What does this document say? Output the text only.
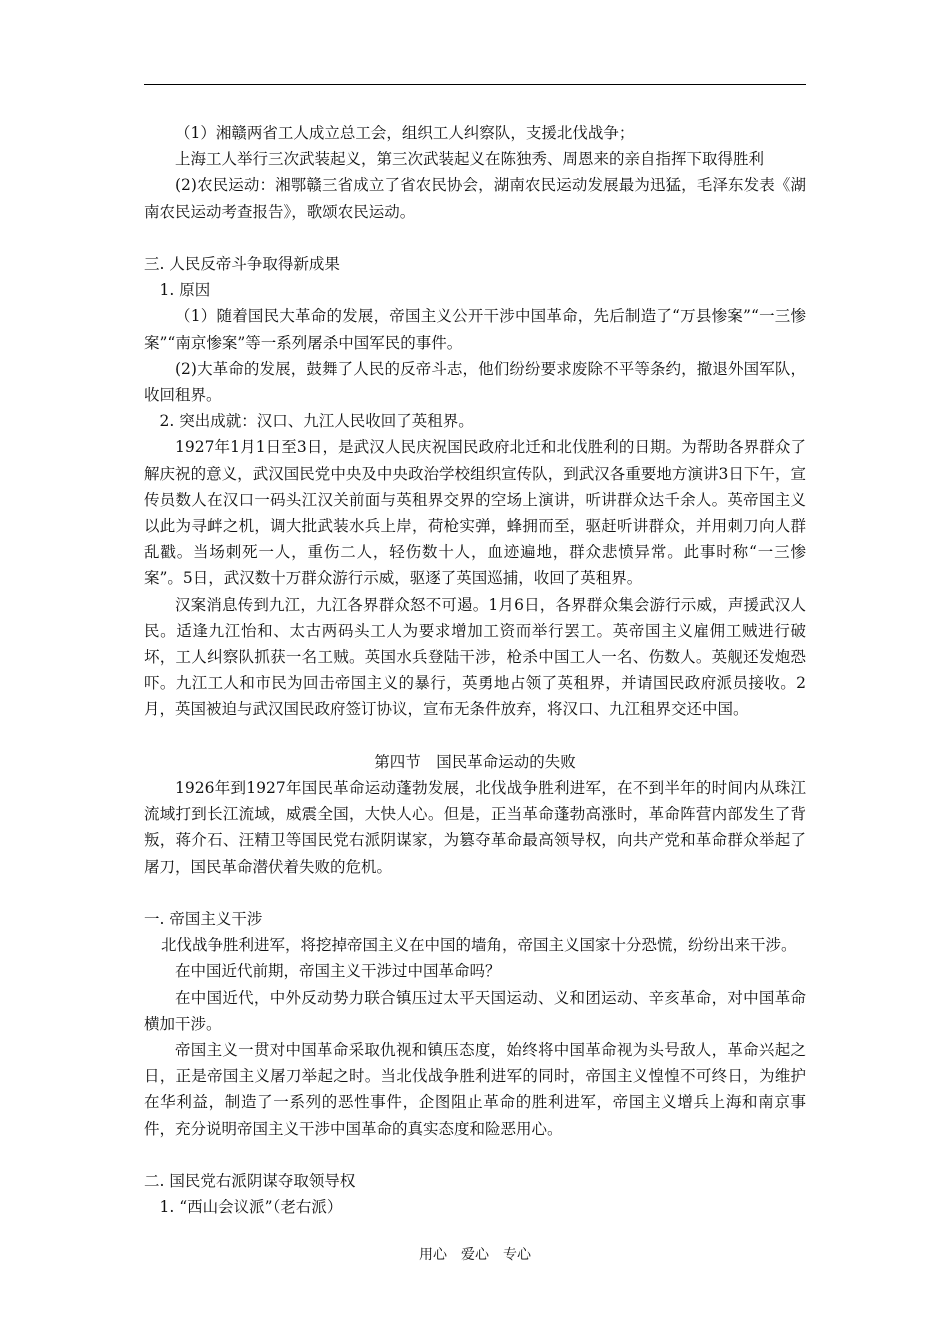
（1）湘赣两省工人成立总工会，组织工人纠察队，支援北伐战争；

上海工人举行三次武装起义，第三次武装起义在陈独秀、周恩来的亲自指挥下取得胜利

(2)农民运动：湘鄂赣三省成立了省农民协会，湖南农民运动发展最为迅猛，毛泽东发表《湖南农民运动考查报告》，歌颂农民运动。

三. 人民反帝斗争取得新成果

1. 原因

（1）随着国民大革命的发展，帝国主义公开干涉中国革命，先后制造了“万县惨案”“一三惨案”“南京惨案”等一系列屠杀中国军民的事件。

(2)大革命的发展，鼓舞了人民的反帝斗志，他们纷纷要求废除不平等条约，撤退外国军队，收回租界。

2. 突出成就：汉口、九江人民收回了英租界。

1927年1月1日至3日，是武汉人民庆祝国民政府北迁和北伐胜利的日期。为帮助各界群众了解庆祝的意义，武汉国民党中央及中央政治学校组织宣传队，到武汉各重要地方演讲3日下午，宣传员数人在汉口一码头江汉关前面与英租界交界的空场上演讲，听讲群众达千余人。英帝国主义以此为寻衅之机，调大批武装水兵上岸，荷枪实弹，蜂拥而至，驱赶听讲群众，并用刺刀向人群乱戳。当场刺死一人，重伤二人，轻伤数十人，血迹遍地，群众悲愤异常。此事时称“一三惨案”。5日，武汉数十万群众游行示威，驱逐了英国巡捕，收回了英租界。

汉案消息传到九江，九江各界群众怒不可遏。1月6日，各界群众集会游行示威，声援武汉人民。适逢九江怡和、太古两码头工人为要求增加工资而举行罢工。英帝国主义雇佣工贼进行破坏，工人纠察队抓获一名工贼。英国水兵登陆干涉，枪杀中国工人一名、伤数人。英舰还发炮恐吓。九江工人和市民为回击帝国主义的暴行，英勇地占领了英租界，并请国民政府派员接收。2月，英国被迫与武汉国民政府签订协议，宣布无条件放弃，将汉口、九江租界交还中国。

第四节　国民革命运动的失败

1926年到1927年国民革命运动蓬勃发展，北伐战争胜利进军，在不到半年的时间内从珠江流域打到长江流域，威震全国，大快人心。但是，正当革命蓬勃高涨时，革命阵营内部发生了背叛，蒋介石、汪精卫等国民党右派阴谋家，为篡夺革命最高领导权，向共产党和革命群众举起了屠刀，国民革命潜伏着失败的危机。

一. 帝国主义干涉

北伐战争胜利进军，将挖掉帝国主义在中国的墙角，帝国主义国家十分恐慌，纷纷出来干涉。

在中国近代前期，帝国主义干涉过中国革命吗？

在中国近代，中外反动势力联合镇压过太平天国运动、义和团运动、辛亥革命，对中国革命横加干涉。

帝国主义一贯对中国革命采取仇视和镇压态度，始终将中国革命视为头号敌人，革命兴起之日，正是帝国主义屠刀举起之时。当北伐战争胜利进军的同时，帝国主义惶惶不可终日，为维护在华利益，制造了一系列的恶性事件，企图阻止革命的胜利进军，帝国主义增兵上海和南京事件，充分说明帝国主义干涉中国革命的真实态度和险恶用心。

二. 国民党右派阴谋夺取领导权

1. “西山会议派”（老右派）

用心　爱心　专心
